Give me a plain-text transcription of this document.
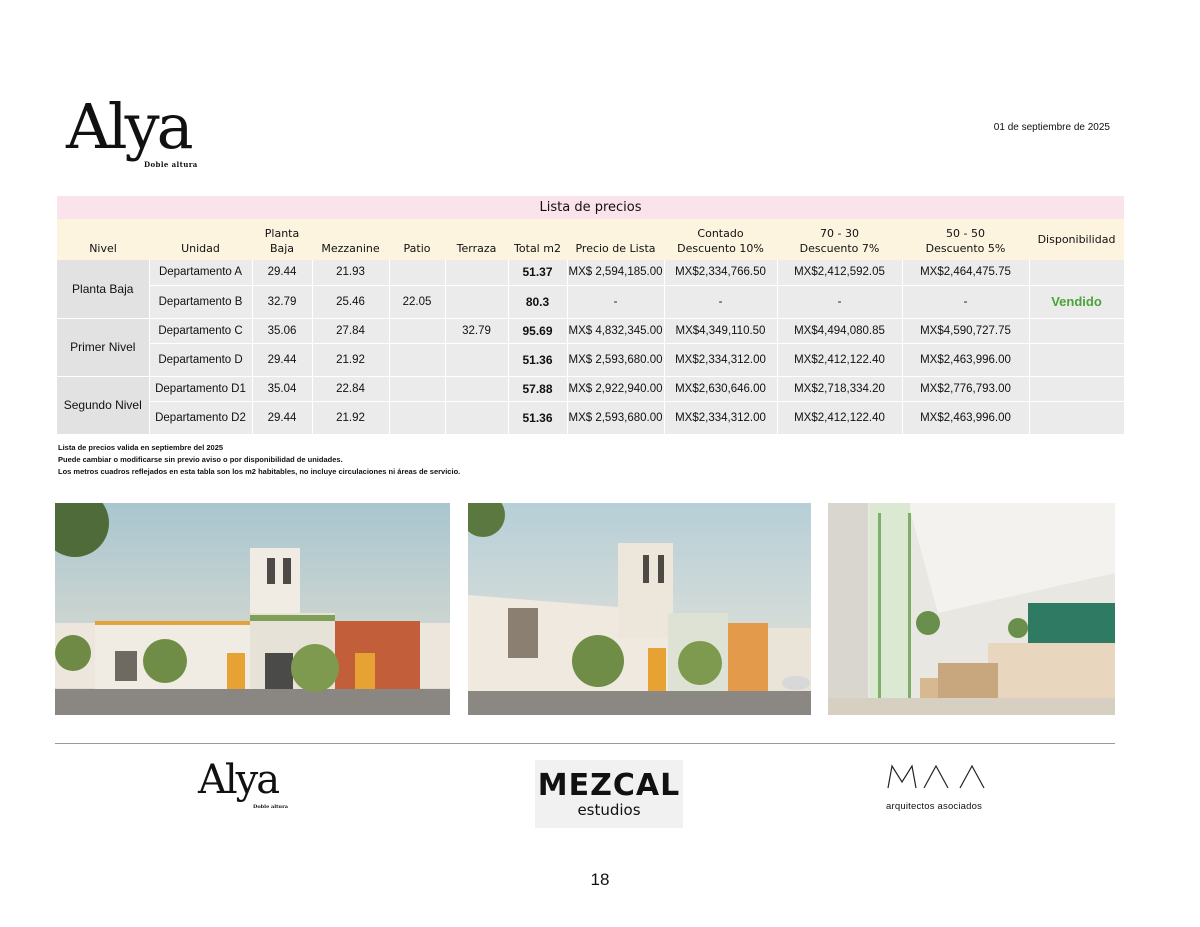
Alya
Doble altura
01 de septiembre de 2025
Lista de precios											
Nivel	Unidad	Planta Baja	Mezzanine	Patio	Terraza	Total m2	Precio de Lista	Contado Descuento 10%	70 - 30 Descuento 7%	50 - 50 Descuento 5%	Disponibilidad
Planta Baja	Departamento A	29.44	21.93			51.37	MX$ 2,594,185.00	MX$2,334,766.50	MX$2,412,592.05	MX$2,464,475.75	
	Departamento B	32.79	25.46	22.05		80.3	-	-	-	-	Vendido
Primer Nivel	Departamento C	35.06	27.84		32.79	95.69	MX$ 4,832,345.00	MX$4,349,110.50	MX$4,494,080.85	MX$4,590,727.75	
	Departamento D	29.44	21.92			51.36	MX$ 2,593,680.00	MX$2,334,312.00	MX$2,412,122.40	MX$2,463,996.00	
Segundo Nivel	Departamento D1	35.04	22.84			57.88	MX$ 2,922,940.00	MX$2,630,646.00	MX$2,718,334.20	MX$2,776,793.00	
	Departamento D2	29.44	21.92			51.36	MX$ 2,593,680.00	MX$2,334,312.00	MX$2,412,122.40	MX$2,463,996.00	
Lista de precios valida en septiembre del 2025
Puede cambiar o modificarse sin previo aviso o por disponibilidad de unidades.
Los metros cuadros reflejados en esta tabla son los m2 habitables, no incluye circulaciones ni áreas de servicio.
Alya
Doble altura
MEZCAL
estudios	arquitectos asociados
18
